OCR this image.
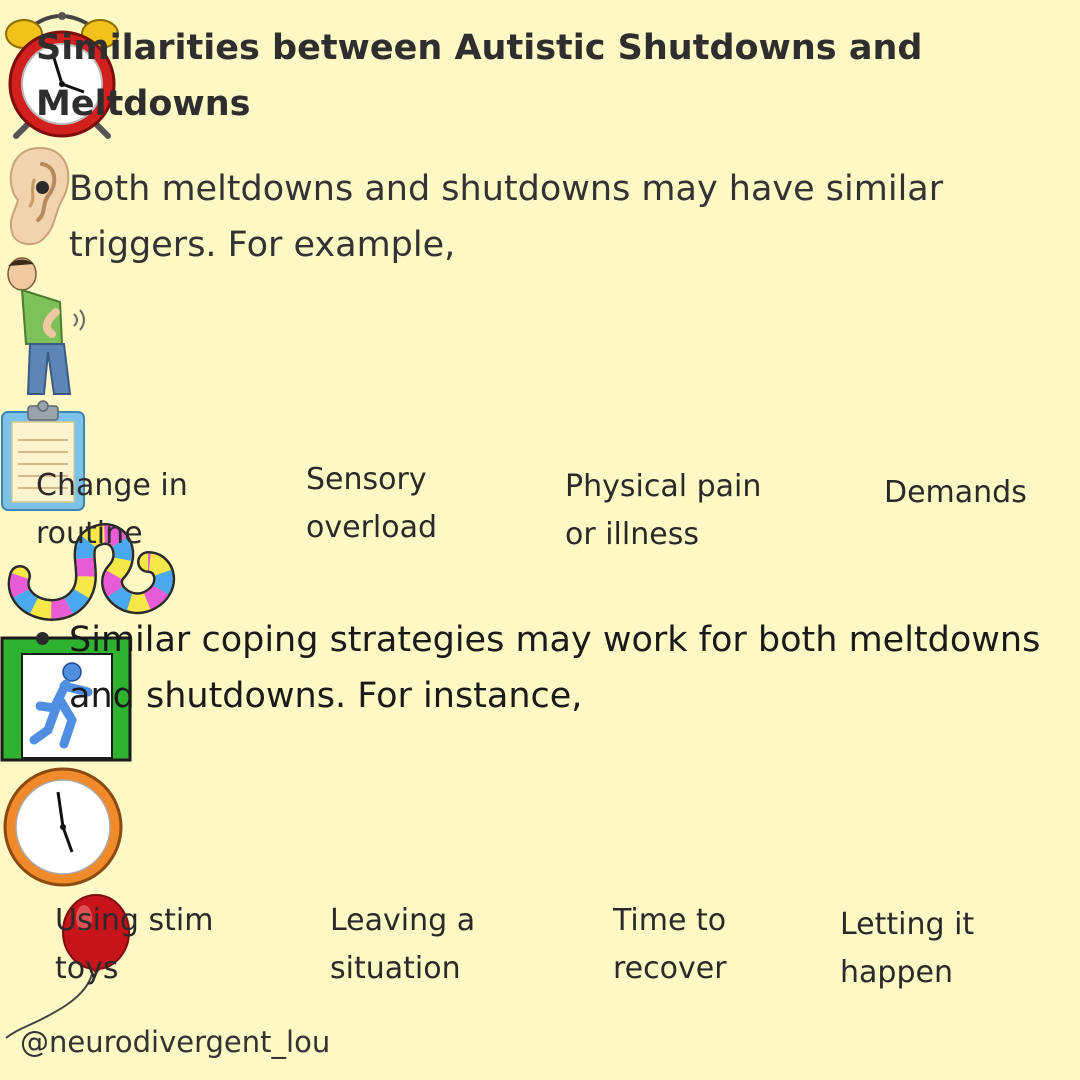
Similarities between Autistic Shutdowns and Meltdowns
Both meltdowns and shutdowns may have similar triggers. For example,
Change in
routine
Sensory
overload
Physical pain
or illness
Demands
Similar coping strategies may work for both meltdowns and shutdowns. For instance,
Using stim
toys
Leaving a
situation
Time to
recover
Letting it
happen
@neurodivergent_lou
